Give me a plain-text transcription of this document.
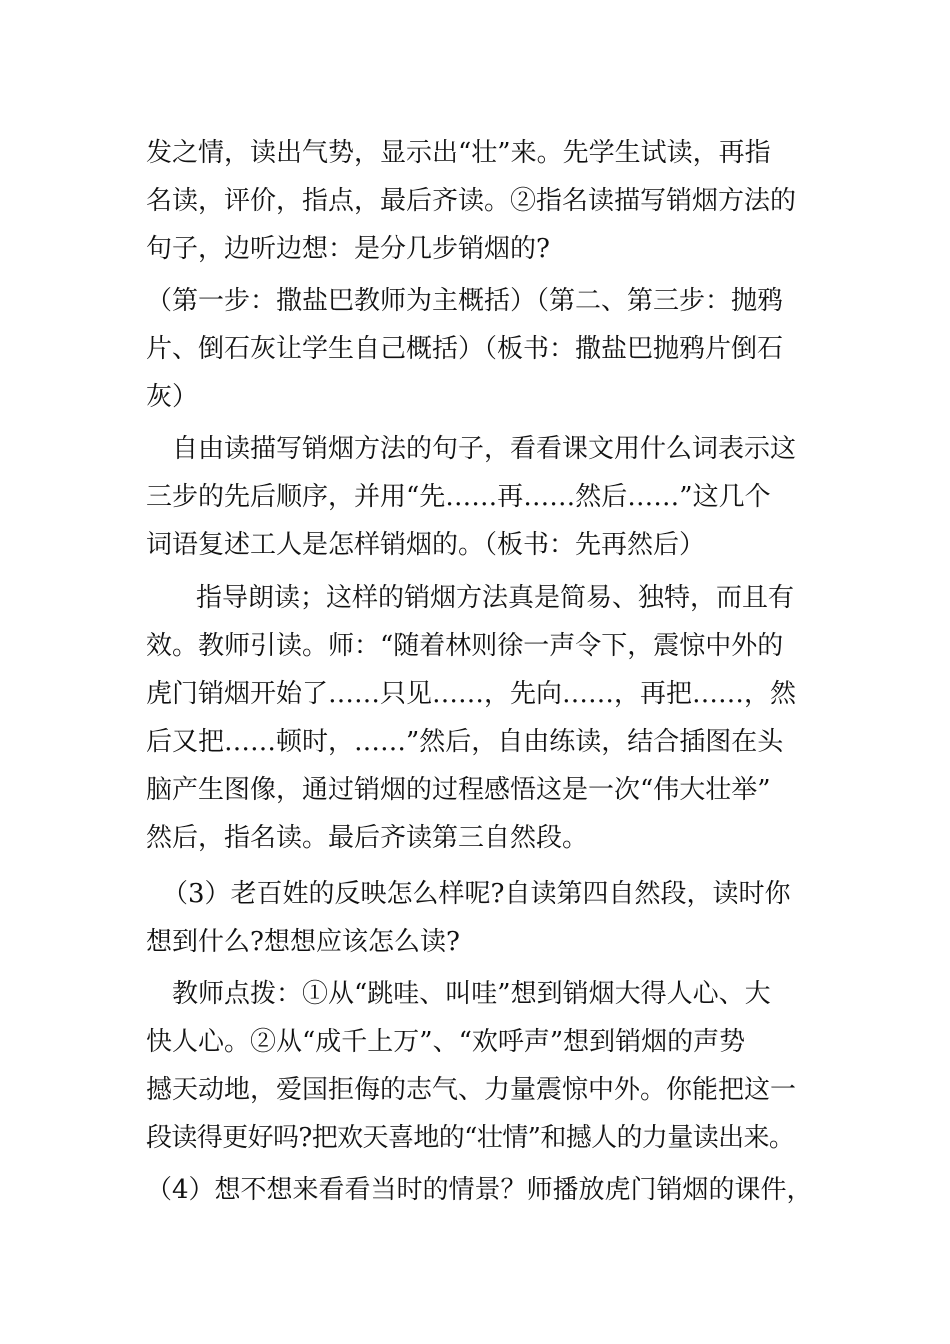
发之情，读出气势，显示出“壮”来。先学生试读，再指
名读，评价，指点，最后齐读。②指名读描写销烟方法的
句子，边听边想：是分几步销烟的?
（第一步：撒盐巴教师为主概括）（第二、第三步：抛鸦
片、倒石灰让学生自己概括）（板书：撒盐巴抛鸦片倒石
灰）
自由读描写销烟方法的句子，看看课文用什么词表示这
三步的先后顺序，并用“先……再……然后……”这几个
词语复述工人是怎样销烟的。（板书：先再然后）
指导朗读；这样的销烟方法真是简易、独特，而且有
效。教师引读。师：“随着林则徐一声令下，震惊中外的
虎门销烟开始了……只见……，先向……，再把……，然
后又把……顿时，……”然后，自由练读，结合插图在头
脑产生图像，通过销烟的过程感悟这是一次“伟大壮举”
然后，指名读。最后齐读第三自然段。
（3）老百姓的反映怎么样呢?自读第四自然段，读时你
想到什么?想想应该怎么读?
教师点拨：①从“跳哇、叫哇”想到销烟大得人心、大
快人心。②从“成千上万”、“欢呼声”想到销烟的声势
撼天动地，爱国拒侮的志气、力量震惊中外。你能把这一
段读得更好吗?把欢天喜地的“壮情”和撼人的力量读出来。
（4）想不想来看看当时的情景？师播放虎门销烟的课件，
